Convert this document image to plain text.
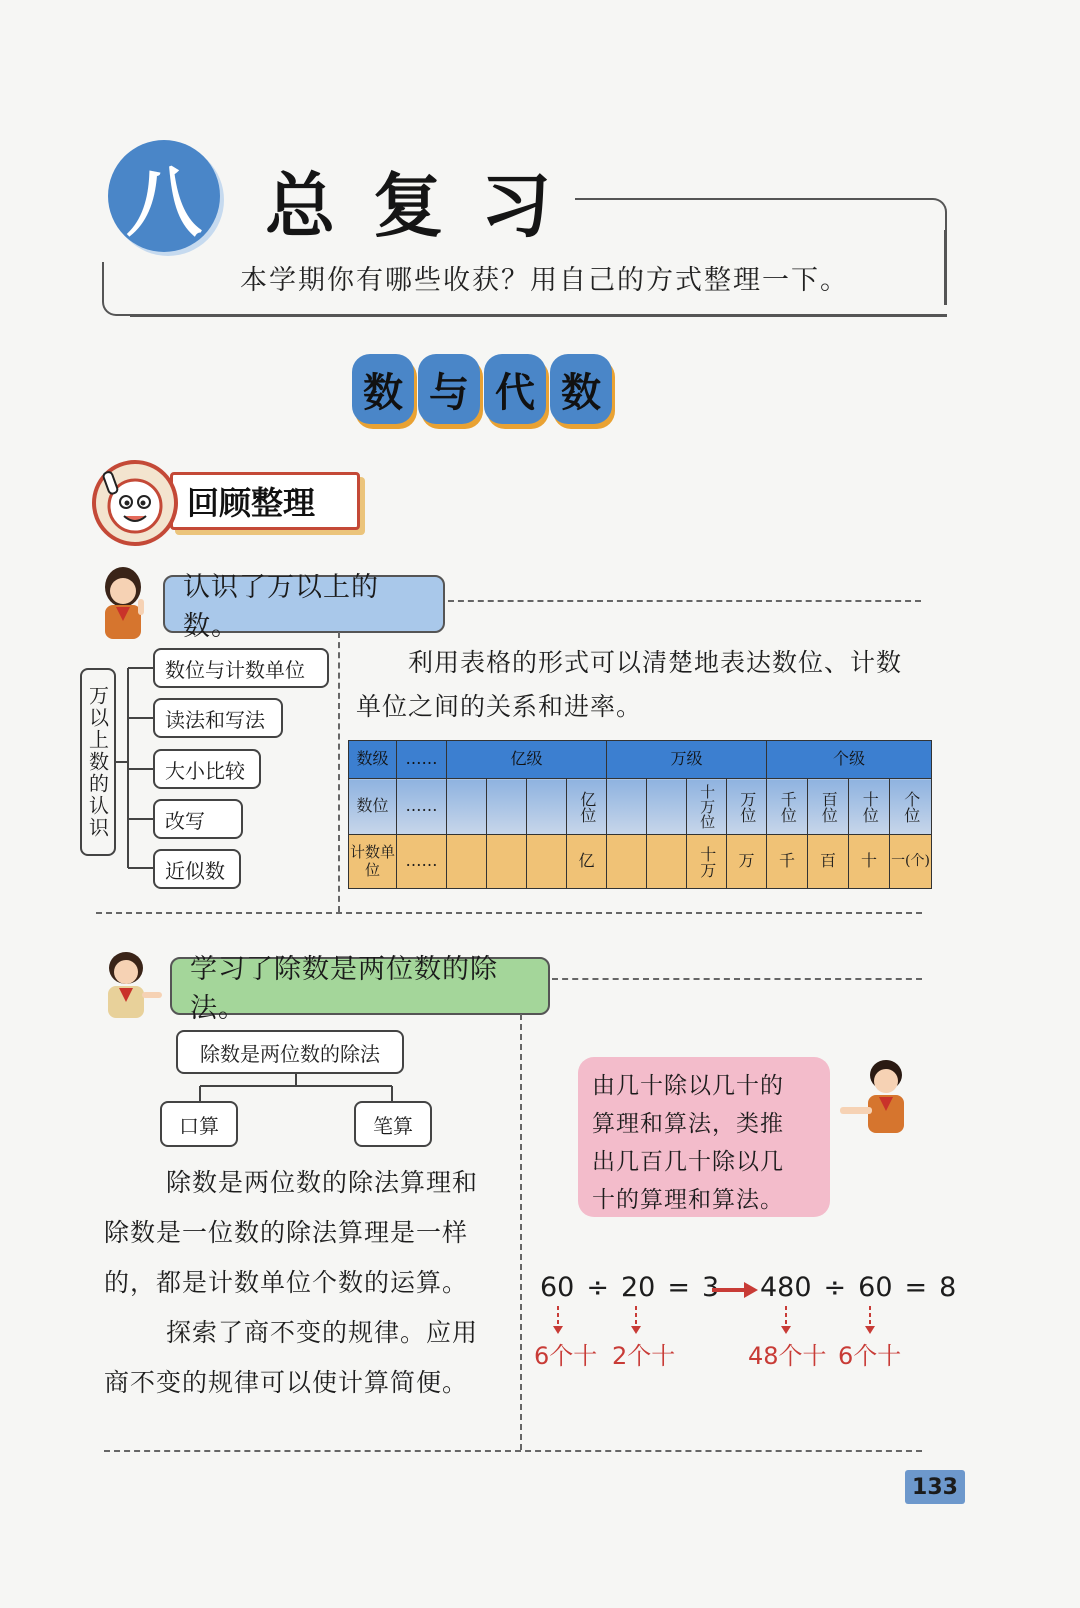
八 总复习
本学期你有哪些收获？用自己的方式整理一下。
数 与 代 数
回顾整理
认识了万以上的数。
万以上数的认识
数位与计数单位
读法和写法
大小比较
改写
近似数
利用表格的形式可以清楚地表达数位、计数
单位之间的关系和进率。
数级	……	亿级				万级				个级			
数位	……				亿位			十万位	万位	千位	百位	十位	个位
计数单位	……				亿			十万	万	千	百	十	一(个)
学习了除数是两位数的除法。
除数是两位数的除法
口算	笔算
除数是两位数的除法算理和
除数是一位数的除法算理是一样
的，都是计数单位个数的运算。
探索了商不变的规律。应用
商不变的规律可以使计算简便。
由几十除以几十的
算理和算法，类推
出几百几十除以几
十的算理和算法。
60 ÷ 20 = 3 480 ÷ 60 = 8
6个十 2个十	48个十 6个十
133
